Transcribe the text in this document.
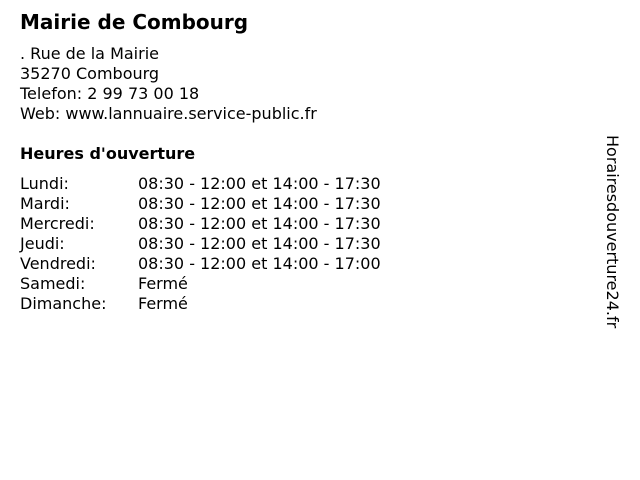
Mairie de Combourg
. Rue de la Mairie
35270 Combourg
Telefon: 2 99 73 00 18
Web: www.lannuaire.service-public.fr
Heures d'ouverture
Lundi:	08:30 - 12:00 et 14:00 - 17:30
Mardi:	08:30 - 12:00 et 14:00 - 17:30
Mercredi:	08:30 - 12:00 et 14:00 - 17:30
Jeudi:	08:30 - 12:00 et 14:00 - 17:30
Vendredi:	08:30 - 12:00 et 14:00 - 17:00
Samedi:	Fermé
Dimanche:	Fermé	Horairesdouverture24.fr
